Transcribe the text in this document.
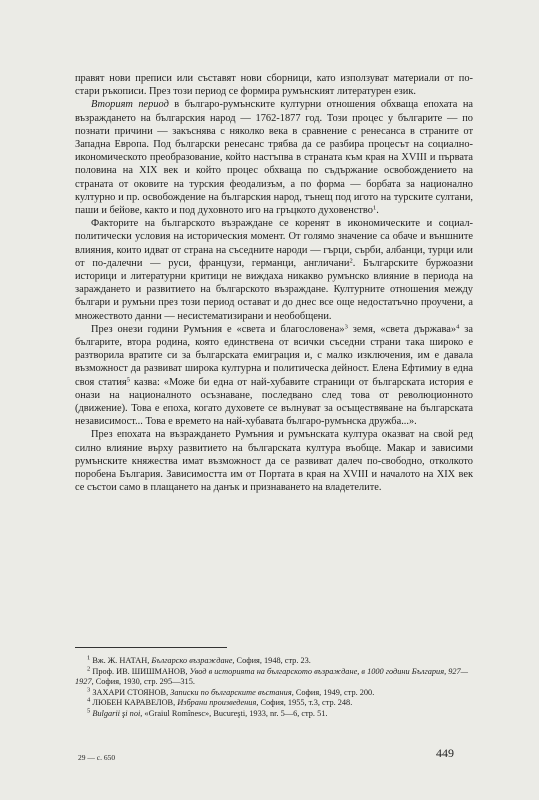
правят нови преписи или съставят нови сборници, като използуват материали от по-стари ръкописи. През този период се формира румънският литературен език.

Вторият период в българо-румънските културни отношения обхваща епохата на възраждането на българския народ — 1762-1877 год. Този процес у българите — по познати причини — закъснява с няколко века в сравнение с ренесанса в страните от Западна Европа. Под български ренесанс трябва да се разбира процесът на социално-икономическото преобразование, който настъпва в страната към края на XVIII и първата половина на XIX век и който процес обхваща по съдържание освобождението на страната от оковите на турския феодализъм, а по форма — борбата за национално културно и пр. освобождение на българския народ, тънещ под игото на турските султани, паши и бейове, както и под духовното иго на гръцкото духовенство$^1$.

Факторите на българското възраждане се коренят в икономическите и социал-политически условия на историческия момент. От голямо значение са обаче и външните влияния, които идват от страна на съседните народи — гърци, сърби, албанци, турци или от по-далечни — руси, французи, германци, англичани$^2$. Българските буржоазни историци и литературни критици не виждаха никакво румънско влияние в периода на зараждането и развитието на българското възраждане. Културните отношения между българи и румъни през този период остават и до днес все още недостатъчно проучени, а множеството данни — несистематизирани и необобщени.

През онези години Румъния е «света и благословена»$^3$ земя, «света държава»$^4$ за българите, втора родина, която единствена от всички съседни страни така широко е разтворила вратите си за българската емиграция и, с малко изключения, им е давала възможност да развиват широка културна и политическа дейност. Елена Ефтимиу в една своя статия$^5$ казва: «Може би една от най-хубавите страници от българската история е онази на националното осъзнаване, последвано след това от революционното (движение). Това е епоха, когато духовете се вълнуват за осъществяване на българската независимост... Това е времето на най-хубавата българо-румънска дружба...».

През епохата на възраждането Румъния и румънската култура оказват на свой ред силно влияние върху развитието на българската култура въобще. Макар и зависими румънските княжества имат възможност да се развиват далеч по-свободно, отколкото поробена България. Зависимостта им от Портата в края на XVIII и началото на XIX век се състои само в плащането на данък и признаването на владетелите.

$^1$ Вж. Ж. НАТАН, Българско възраждане, София, 1948, стр. 23.

$^2$ Проф. ИВ. ШИШМАНОВ, Увод в историята на българското възраждане, в 1000 години България, 927—1927, София, 1930, стр. 295—315.

$^3$ ЗАХАРИ СТОЯНОВ, Записки по българските въстания, София, 1949, стр. 200.

$^4$ ЛЮБЕН КАРАВЕЛОВ, Избрани произведения, София, 1955, т.3, стр. 248.

$^5$ Bulgarii şi noi, «Graiul Romînesc», Bucureşti, 1933, nr. 5—6, стр. 51.

29 — с. 650	449
